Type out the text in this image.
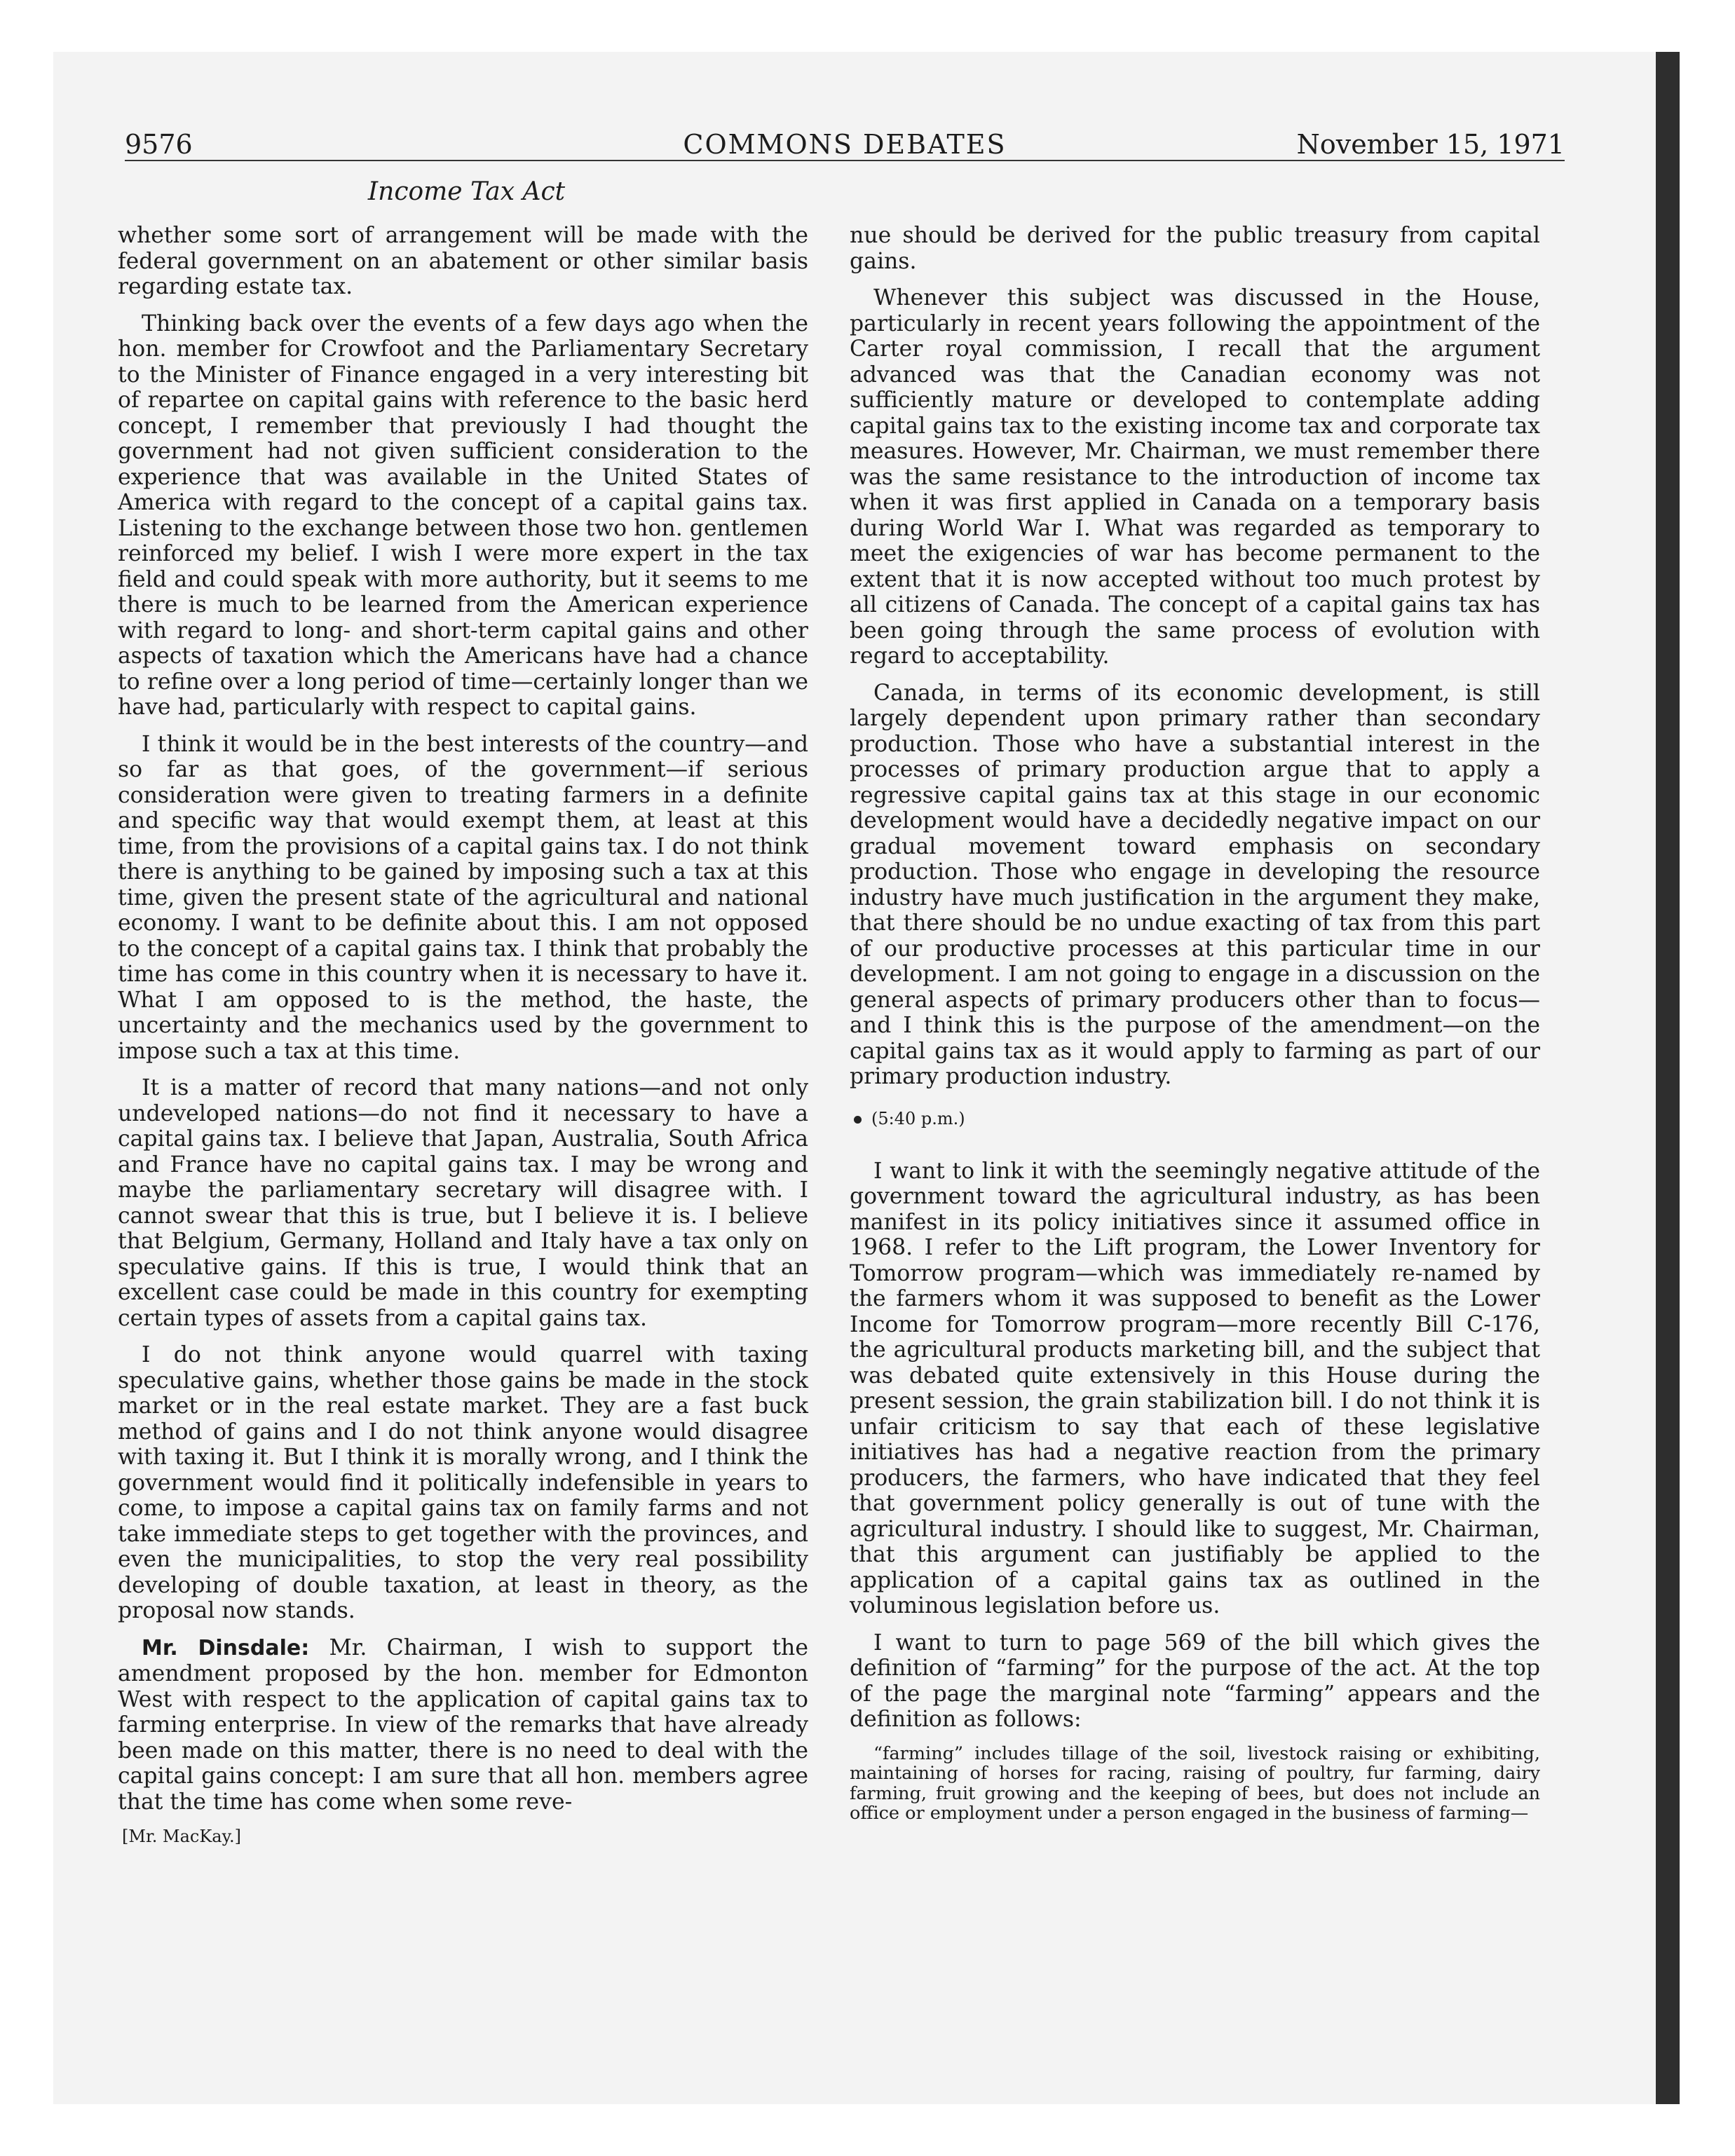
9576	COMMONS DEBATES	November 15, 1971
Income Tax Act

whether some sort of arrangement will be made with the federal government on an abatement or other similar basis regarding estate tax.

Thinking back over the events of a few days ago when the hon. member for Crowfoot and the Parliamentary Secretary to the Minister of Finance engaged in a very interesting bit of repartee on capital gains with reference to the basic herd concept, I remember that previously I had thought the government had not given sufficient consideration to the experience that was available in the United States of America with regard to the concept of a capital gains tax. Listening to the exchange between those two hon. gentlemen reinforced my belief. I wish I were more expert in the tax field and could speak with more authority, but it seems to me there is much to be learned from the American experience with regard to long- and short-term capital gains and other aspects of taxation which the Americans have had a chance to refine over a long period of time—certainly longer than we have had, particularly with respect to capital gains.

I think it would be in the best interests of the country—and so far as that goes, of the government—if serious consideration were given to treating farmers in a definite and specific way that would exempt them, at least at this time, from the provisions of a capital gains tax. I do not think there is anything to be gained by imposing such a tax at this time, given the present state of the agricultural and national economy. I want to be definite about this. I am not opposed to the concept of a capital gains tax. I think that probably the time has come in this country when it is necessary to have it. What I am opposed to is the method, the haste, the uncertainty and the mechanics used by the government to impose such a tax at this time.

It is a matter of record that many nations—and not only undeveloped nations—do not find it necessary to have a capital gains tax. I believe that Japan, Australia, South Africa and France have no capital gains tax. I may be wrong and maybe the parliamentary secretary will disagree with. I cannot swear that this is true, but I believe it is. I believe that Belgium, Germany, Holland and Italy have a tax only on speculative gains. If this is true, I would think that an excellent case could be made in this country for exempting certain types of assets from a capital gains tax.

I do not think anyone would quarrel with taxing speculative gains, whether those gains be made in the stock market or in the real estate market. They are a fast buck method of gains and I do not think anyone would disagree with taxing it. But I think it is morally wrong, and I think the government would find it politically indefensible in years to come, to impose a capital gains tax on family farms and not take immediate steps to get together with the provinces, and even the municipalities, to stop the very real possibility developing of double taxation, at least in theory, as the proposal now stands.

Mr. Dinsdale: Mr. Chairman, I wish to support the amendment proposed by the hon. member for Edmonton West with respect to the application of capital gains tax to farming enterprise. In view of the remarks that have already been made on this matter, there is no need to deal with the capital gains concept: I am sure that all hon. members agree that the time has come when some reve-

[Mr. MacKay.]

nue should be derived for the public treasury from capital gains.

Whenever this subject was discussed in the House, particularly in recent years following the appointment of the Carter royal commission, I recall that the argument advanced was that the Canadian economy was not sufficiently mature or developed to contemplate adding capital gains tax to the existing income tax and corporate tax measures. However, Mr. Chairman, we must remember there was the same resistance to the introduction of income tax when it was first applied in Canada on a temporary basis during World War I. What was regarded as temporary to meet the exigencies of war has become permanent to the extent that it is now accepted without too much protest by all citizens of Canada. The concept of a capital gains tax has been going through the same process of evolution with regard to acceptability.

Canada, in terms of its economic development, is still largely dependent upon primary rather than secondary production. Those who have a substantial interest in the processes of primary production argue that to apply a regressive capital gains tax at this stage in our economic development would have a decidedly negative impact on our gradual movement toward emphasis on secondary production. Those who engage in developing the resource industry have much justification in the argument they make, that there should be no undue exacting of tax from this part of our productive processes at this particular time in our development. I am not going to engage in a discussion on the general aspects of primary producers other than to focus—and I think this is the purpose of the amendment—on the capital gains tax as it would apply to farming as part of our primary production industry.

(5:40 p.m.)

I want to link it with the seemingly negative attitude of the government toward the agricultural industry, as has been manifest in its policy initiatives since it assumed office in 1968. I refer to the Lift program, the Lower Inventory for Tomorrow program—which was immediately re-named by the farmers whom it was supposed to benefit as the Lower Income for Tomorrow program—more recently Bill C-176, the agricultural products marketing bill, and the subject that was debated quite extensively in this House during the present session, the grain stabilization bill. I do not think it is unfair criticism to say that each of these legislative initiatives has had a negative reaction from the primary producers, the farmers, who have indicated that they feel that government policy generally is out of tune with the agricultural industry. I should like to suggest, Mr. Chairman, that this argument can justifiably be applied to the application of a capital gains tax as outlined in the voluminous legislation before us.

I want to turn to page 569 of the bill which gives the definition of “farming” for the purpose of the act. At the top of the page the marginal note “farming” appears and the definition as follows:

“farming” includes tillage of the soil, livestock raising or exhibiting, maintaining of horses for racing, raising of poultry, fur farming, dairy farming, fruit growing and the keeping of bees, but does not include an office or employment under a person engaged in the business of farming—
